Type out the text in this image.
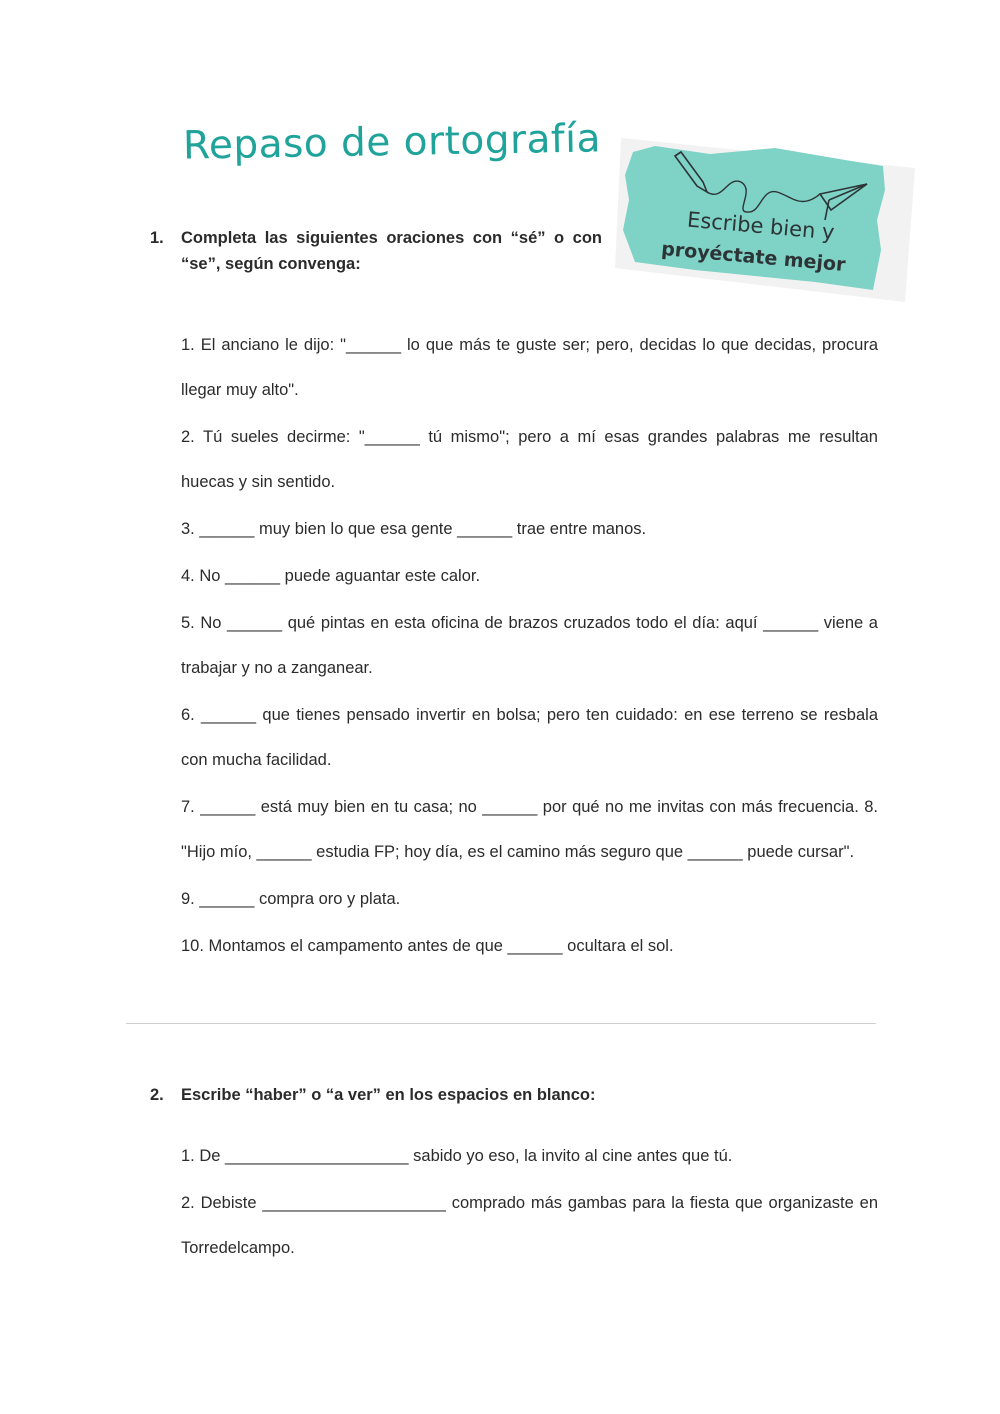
Repaso de ortografía
Escribe bien y
proyéctate mejor
1. Completa las siguientes oraciones con “sé” o con “se”, según convenga:

1. El anciano le dijo: "______ lo que más te guste ser; pero, decidas lo que decidas, procura llegar muy alto".

2. Tú sueles decirme: "______ tú mismo"; pero a mí esas grandes palabras me resultan huecas y sin sentido.

3. ______ muy bien lo que esa gente ______ trae entre manos.

4. No ______ puede aguantar este calor.

5. No ______ qué pintas en esta oficina de brazos cruzados todo el día: aquí ______ viene a trabajar y no a zanganear.

6. ______ que tienes pensado invertir en bolsa; pero ten cuidado: en ese terreno se resbala con mucha facilidad.

7. ______ está muy bien en tu casa; no ______ por qué no me invitas con más frecuencia. 8. "Hijo mío, ______ estudia FP; hoy día, es el camino más seguro que ______ puede cursar".

9. ______ compra oro y plata.

10. Montamos el campamento antes de que ______ ocultara el sol.

2. Escribe “haber” o “a ver” en los espacios en blanco:

1. De ____________________ sabido yo eso, la invito al cine antes que tú.

2. Debiste ____________________ comprado más gambas para la fiesta que organizaste en Torredelcampo.
